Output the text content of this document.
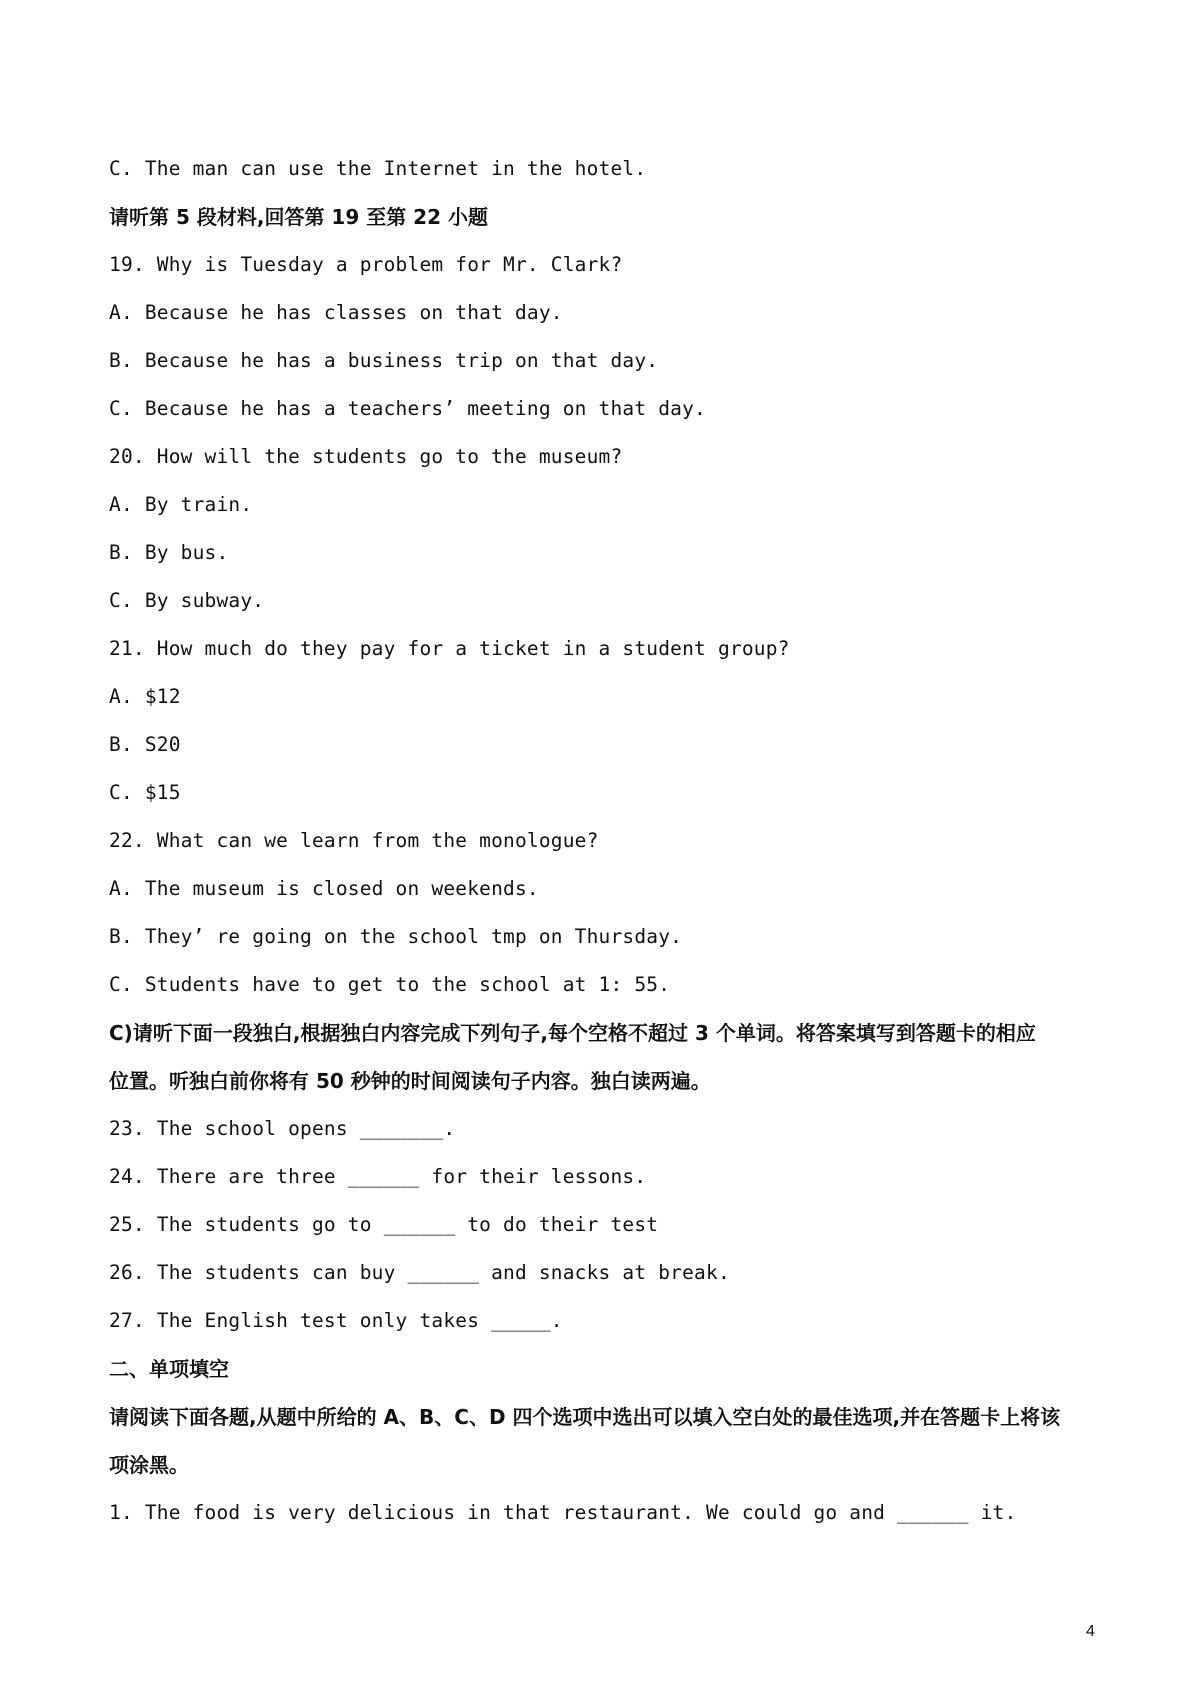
C. The man can use the Internet in the hotel.
请听第 5 段材料,回答第 19 至第 22 小题
19. Why is Tuesday a problem for Mr. Clark?
A. Because he has classes on that day.
B. Because he has a business trip on that day.
C. Because he has a teachers’ meeting on that day.
20. How will the students go to the museum?
A. By train.
B. By bus.
C. By subway.
21. How much do they pay for a ticket in a student group?
A. $12
B. S20
C. $15
22. What can we learn from the monologue?
A. The museum is closed on weekends.
B. They’ re going on the school tmp on Thursday.
C. Students have to get to the school at 1: 55.
C)请听下面一段独白,根据独白内容完成下列句子,每个空格不超过 3 个单词。将答案填写到答题卡的相应
位置。听独白前你将有 50 秒钟的时间阅读句子内容。独白读两遍。
23. The school opens _______.
24. There are three ______ for their lessons.
25. The students go to ______ to do their test
26. The students can buy ______ and snacks at break.
27. The English test only takes _____.
二、单项填空
请阅读下面各题,从题中所给的 A、B、C、D 四个选项中选出可以填入空白处的最佳选项,并在答题卡上将该
项涂黑。
1. The food is very delicious in that restaurant. We could go and ______ it.
4
